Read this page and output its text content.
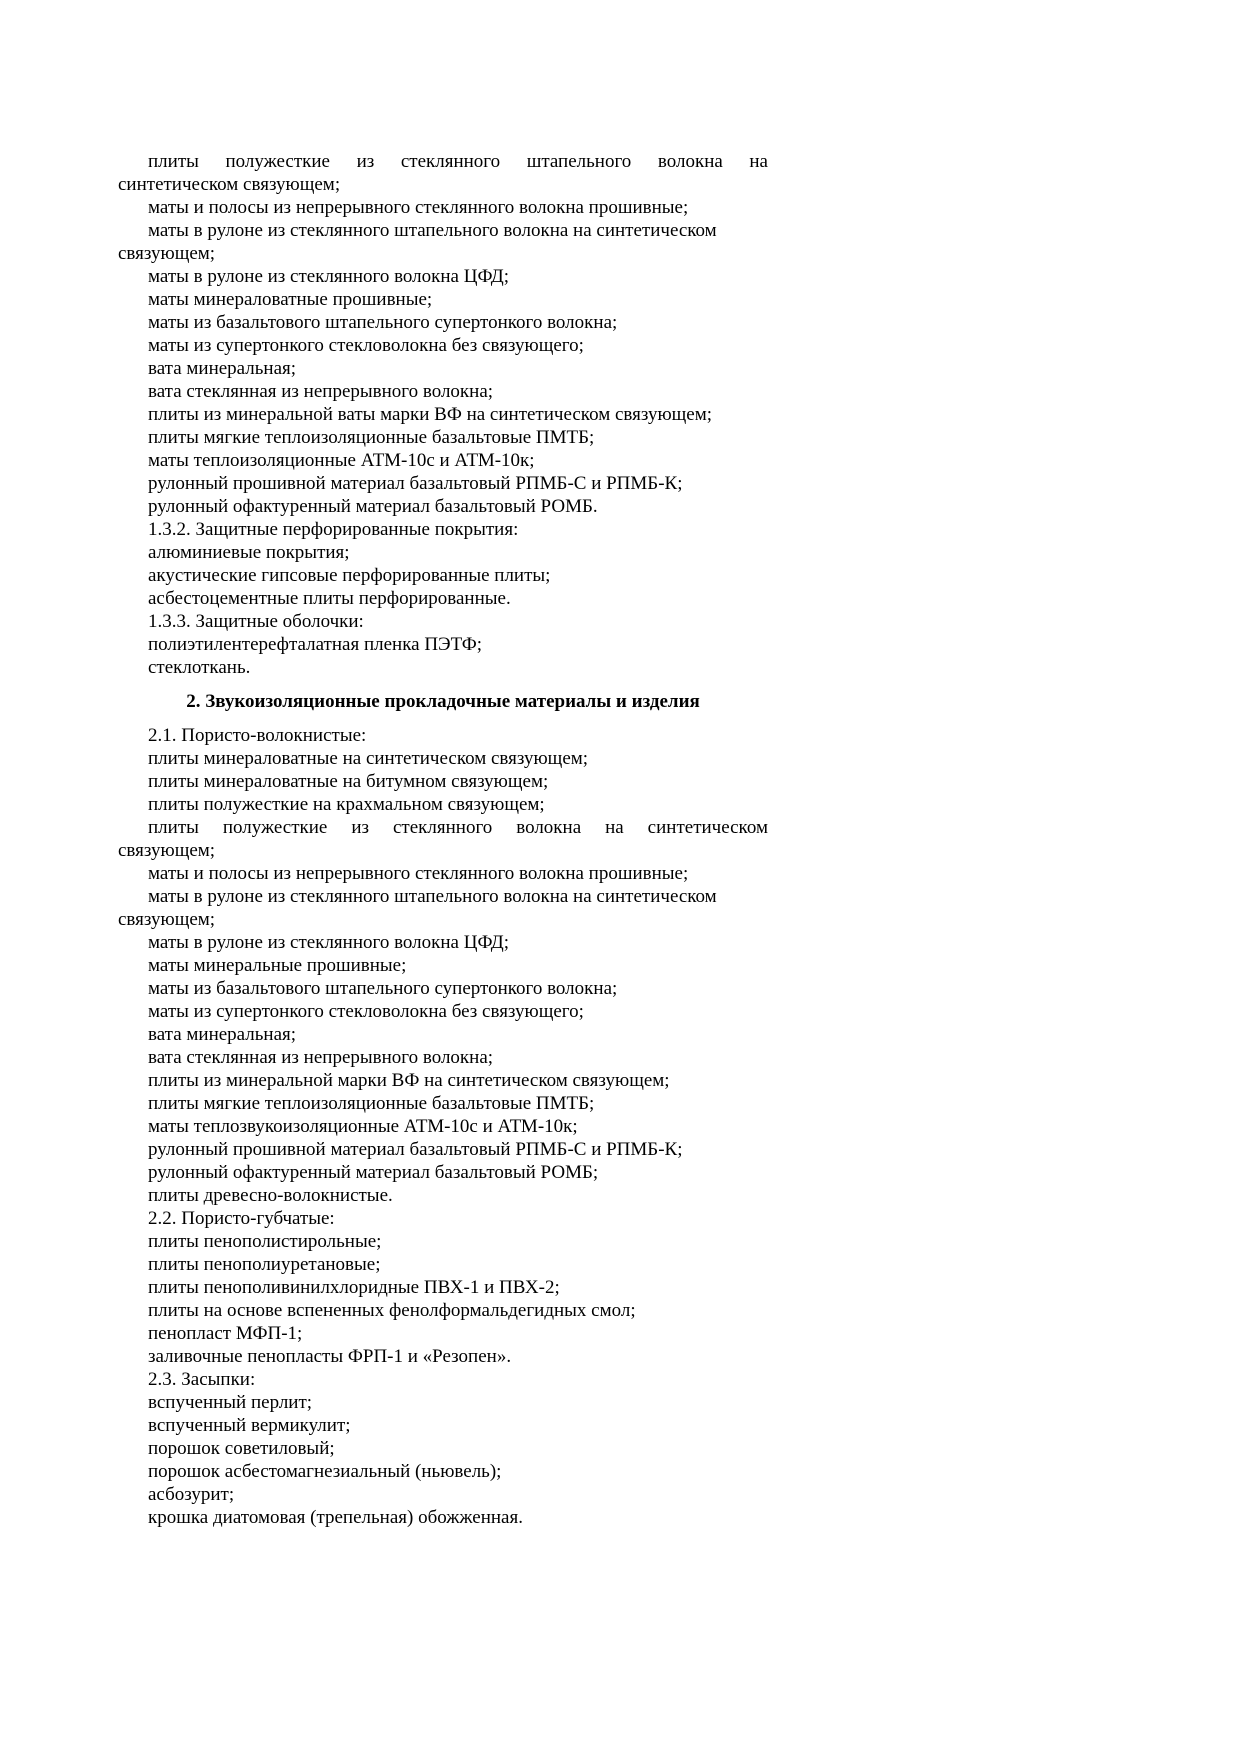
плиты полужесткие из стеклянного штапельного волокна на
синтетическом связующем;
маты и полосы из непрерывного стеклянного волокна прошивные;
маты в рулоне из стеклянного штапельного волокна на синтетическом
связующем;
маты в рулоне из стеклянного волокна ЦФД;
маты минераловатные прошивные;
маты из базальтового штапельного супертонкого волокна;
маты из супертонкого стекловолокна без связующего;
вата минеральная;
вата стеклянная из непрерывного волокна;
плиты из минеральной ваты марки ВФ на синтетическом связующем;
плиты мягкие теплоизоляционные базальтовые ПМТБ;
маты теплоизоляционные АТМ-10с и АТМ-10к;
рулонный прошивной материал базальтовый РПМБ-С и РПМБ-К;
рулонный офактуренный материал базальтовый РОМБ.
1.3.2. Защитные перфорированные покрытия:
алюминиевые покрытия;
акустические гипсовые перфорированные плиты;
асбестоцементные плиты перфорированные.
1.3.3. Защитные оболочки:
полиэтилентерефталатная пленка ПЭТФ;
стеклоткань.
2. Звукоизоляционные прокладочные материалы и изделия
2.1. Пористо-волокнистые:
плиты минераловатные на синтетическом связующем;
плиты минераловатные на битумном связующем;
плиты полужесткие на крахмальном связующем;
плиты полужесткие из стеклянного волокна на синтетическом
связующем;
маты и полосы из непрерывного стеклянного волокна прошивные;
маты в рулоне из стеклянного штапельного волокна на синтетическом
связующем;
маты в рулоне из стеклянного волокна ЦФД;
маты минеральные прошивные;
маты из базальтового штапельного супертонкого волокна;
маты из супертонкого стекловолокна без связующего;
вата минеральная;
вата стеклянная из непрерывного волокна;
плиты из минеральной марки ВФ на синтетическом связующем;
плиты мягкие теплоизоляционные базальтовые ПМТБ;
маты теплозвукоизоляционные АТМ-10с и АТМ-10к;
рулонный прошивной материал базальтовый РПМБ-С и РПМБ-К;
рулонный офактуренный материал базальтовый РОМБ;
плиты древесно-волокнистые.
2.2. Пористо-губчатые:
плиты пенополистирольные;
плиты пенополиуретановые;
плиты пенополивинилхлоридные ПВХ-1 и ПВХ-2;
плиты на основе вспененных фенолформальдегидных смол;
пенопласт МФП-1;
заливочные пенопласты ФРП-1 и «Резопен».
2.3. Засыпки:
вспученный перлит;
вспученный вермикулит;
порошок советиловый;
порошок асбестомагнезиальный (ньювель);
асбозурит;
крошка диатомовая (трепельная) обожженная.
